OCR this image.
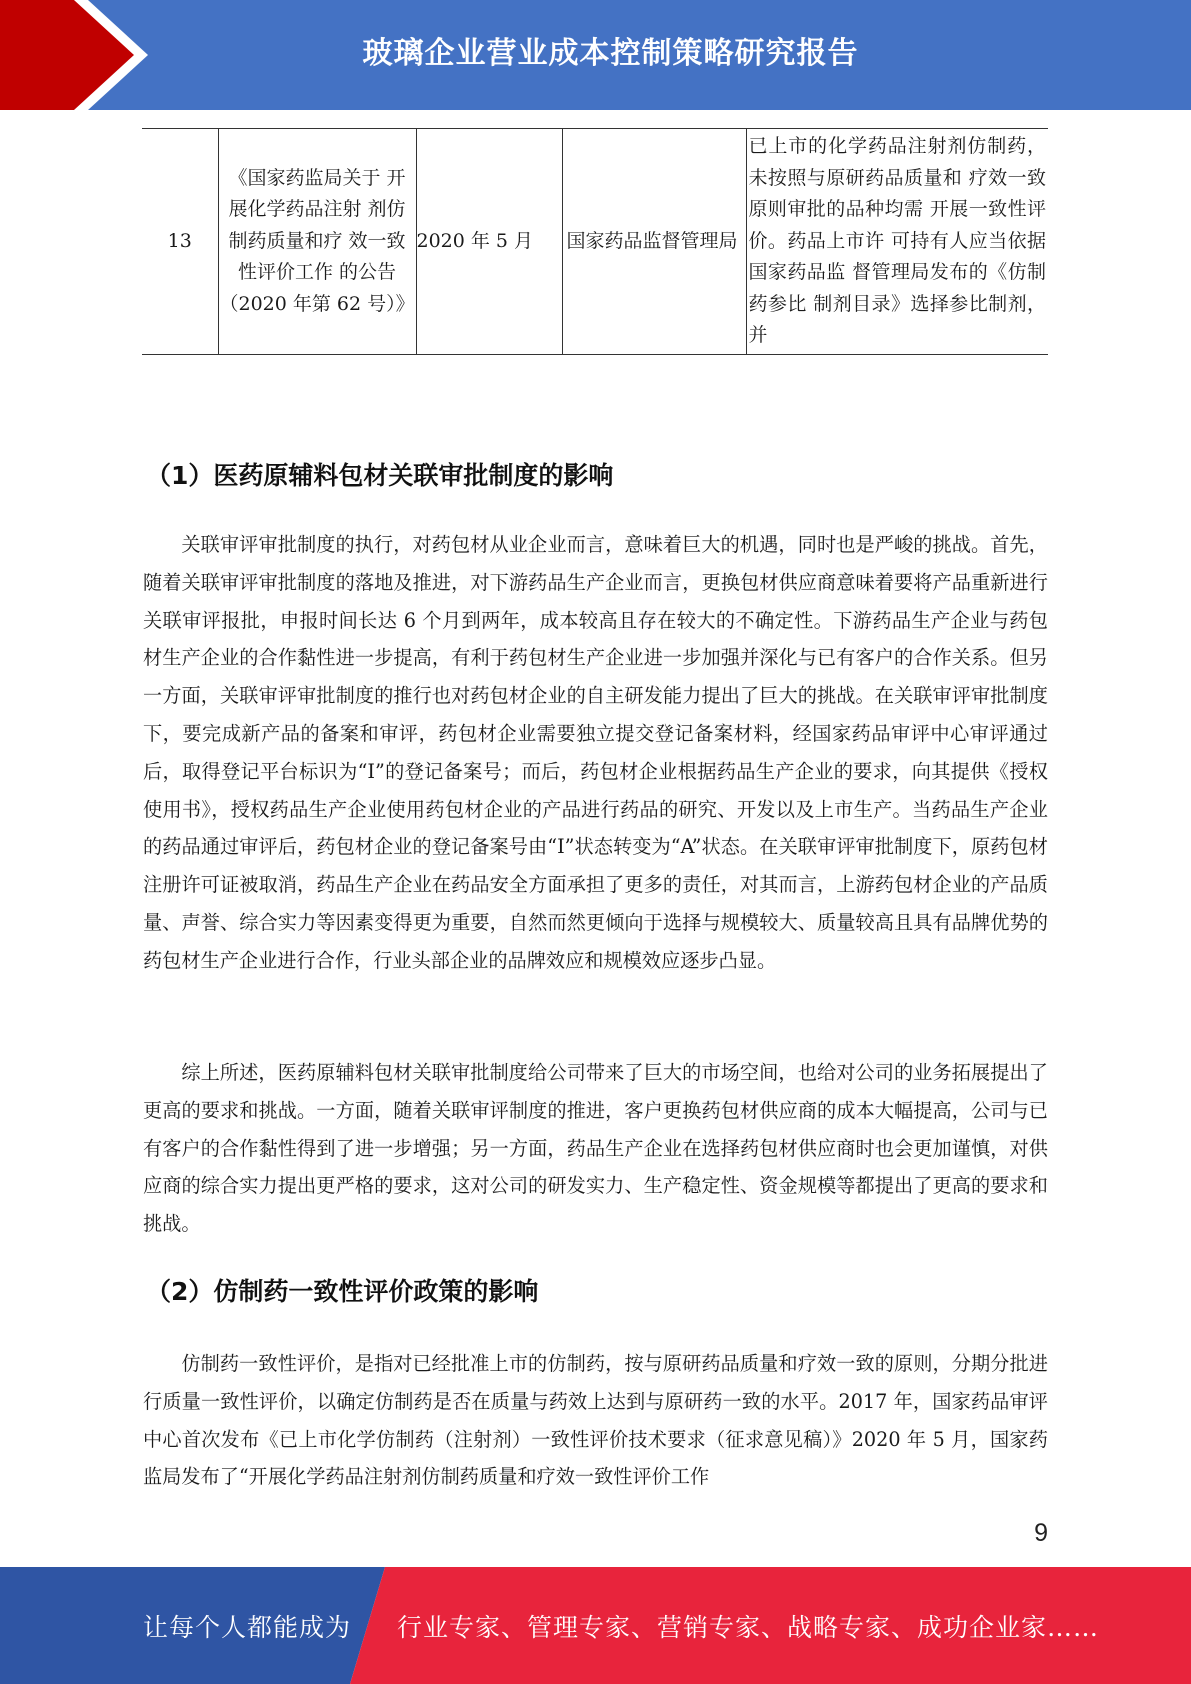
玻璃企业营业成本控制策略研究报告
13	《国家药监局关于 开展化学药品注射 剂仿制药质量和疗 效一致性评价工作 的公告（2020 年第 62 号）》	2020 年 5 月	国家药品监督管理局	已上市的化学药品注射剂仿制药，未按照与原研药品质量和 疗效一致原则审批的品种均需 开展一致性评价。药品上市许 可持有人应当依据国家药品监 督管理局发布的《仿制药参比 制剂目录》选择参比制剂，并
（1）医药原辅料包材关联审批制度的影响

关联审评审批制度的执行，对药包材从业企业而言，意味着巨大的机遇，同时也是严峻的挑战。首先，随着关联审评审批制度的落地及推进，对下游药品生产企业而言，更换包材供应商意味着要将产品重新进行关联审评报批，申报时间长达 6 个月到两年，成本较高且存在较大的不确定性。下游药品生产企业与药包材生产企业的合作黏性进一步提高，有利于药包材生产企业进一步加强并深化与已有客户的合作关系。但另一方面，关联审评审批制度的推行也对药包材企业的自主研发能力提出了巨大的挑战。在关联审评审批制度下，要完成新产品的备案和审评，药包材企业需要独立提交登记备案材料，经国家药品审评中心审评通过后，取得登记平台标识为“I”的登记备案号；而后，药包材企业根据药品生产企业的要求，向其提供《授权使用书》，授权药品生产企业使用药包材企业的产品进行药品的研究、开发以及上市生产。当药品生产企业的药品通过审评后，药包材企业的登记备案号由“I”状态转变为“A”状态。在关联审评审批制度下，原药包材注册许可证被取消，药品生产企业在药品安全方面承担了更多的责任，对其而言，上游药包材企业的产品质量、声誉、综合实力等因素变得更为重要，自然而然更倾向于选择与规模较大、质量较高且具有品牌优势的药包材生产企业进行合作，行业头部企业的品牌效应和规模效应逐步凸显。

综上所述，医药原辅料包材关联审批制度给公司带来了巨大的市场空间，也给对公司的业务拓展提出了更高的要求和挑战。一方面，随着关联审评制度的推进，客户更换药包材供应商的成本大幅提高，公司与已有客户的合作黏性得到了进一步增强；另一方面，药品生产企业在选择药包材供应商时也会更加谨慎，对供应商的综合实力提出更严格的要求，这对公司的研发实力、生产稳定性、资金规模等都提出了更高的要求和挑战。

（2）仿制药一致性评价政策的影响

仿制药一致性评价，是指对已经批准上市的仿制药，按与原研药品质量和疗效一致的原则，分期分批进行质量一致性评价，以确定仿制药是否在质量与药效上达到与原研药一致的水平。2017 年，国家药品审评中心首次发布《已上市化学仿制药（注射剂）一致性评价技术要求（征求意见稿）》2020 年 5 月，国家药监局发布了“开展化学药品注射剂仿制药质量和疗效一致性评价工作

9
让每个人都能成为 行业专家、管理专家、营销专家、战略专家、成功企业家……
